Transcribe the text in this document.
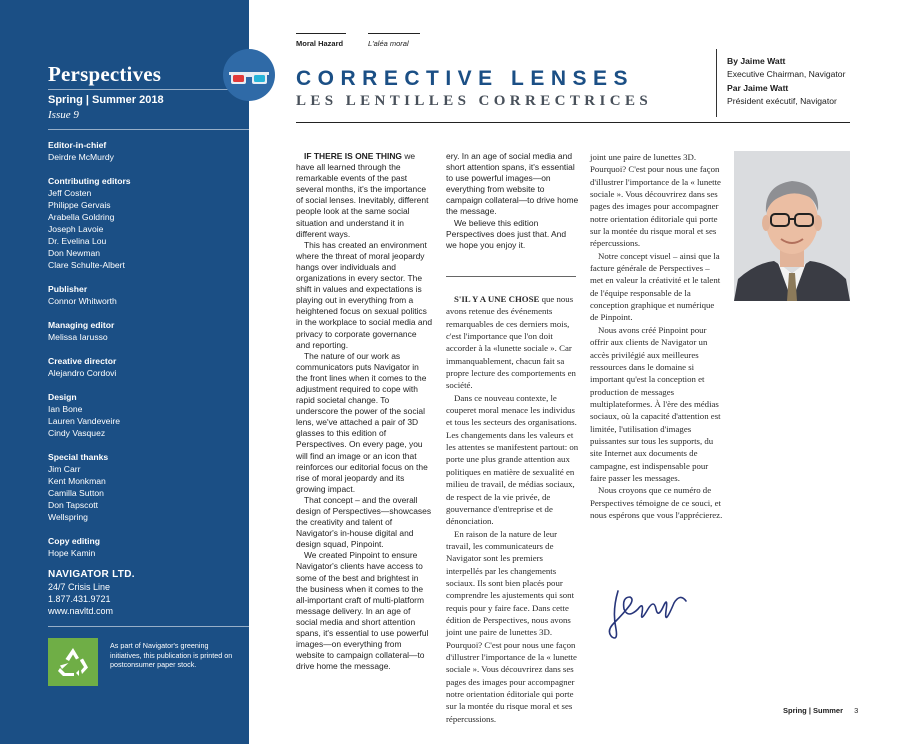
Perspectives
Spring | Summer 2018
Issue 9
Editor-in-chief
Deirdre McMurdy
Contributing editors
Jeff Costen
Philippe Gervais
Arabella Goldring
Joseph Lavoie
Dr. Evelina Lou
Don Newman
Clare Schulte-Albert
Publisher
Connor Whitworth
Managing editor
Melissa Iarusso
Creative director
Alejandro Cordovi
Design
Ian Bone
Lauren Vandeveire
Cindy Vasquez
Special thanks
Jim Carr
Kent Monkman
Camilla Sutton
Don Tapscott
Wellspring
Copy editing
Hope Kamin
NAVIGATOR LTD.
24/7 Crisis Line
1.877.431.9721
www.navltd.com
As part of Navigator's greening initiatives, this publication is printed on postconsumer paper stock.
Moral Hazard	L'aléa moral
CORRECTIVE LENSES
LES LENTILLES CORRECTRICES
By Jaime Watt
Executive Chairman, Navigator
Par Jaime Watt
Président exécutif, Navigator

IF THERE IS ONE THING we have all learned through the remarkable events of the past several months, it's the importance of social lenses. Inevitably, different people look at the same social situation and understand it in different ways.

This has created an environment where the threat of moral jeopardy hangs over individuals and organizations in every sector. The shift in values and expectations is playing out in everything from a heightened focus on sexual politics in the workplace to social media and privacy to corporate governance and reporting.

The nature of our work as communicators puts Navigator in the front lines when it comes to the adjustment required to cope with rapid societal change. To underscore the power of the social lens, we've attached a pair of 3D glasses to this edition of Perspectives. On every page, you will find an image or an icon that reinforces our editorial focus on the rise of moral jeopardy and its growing impact.

That concept – and the overall design of Perspectives—showcases the creativity and talent of Navigator's in-house digital and design squad, Pinpoint.

We created Pinpoint to ensure Navigator's clients have access to some of the best and brightest in the business when it comes to the all-important craft of multi-platform message delivery. In an age of social media and short attention spans, it's essential to use powerful images—on everything from website to campaign collateral—to drive home the message.

ery. In an age of social media and short attention spans, it's essential to use powerful images—on everything from website to campaign collateral—to drive home the message.

We believe this edition Perspectives does just that. And we hope you enjoy it.

S'IL Y A UNE CHOSE que nous avons retenue des événements remarquables de ces derniers mois, c'est l'importance que l'on doit accorder à la «lunette sociale ». Car immanquablement, chacun fait sa propre lecture des comportements en société.

Dans ce nouveau contexte, le couperet moral menace les individus et tous les secteurs des organisations. Les changements dans les valeurs et les attentes se manifestent partout: on porte une plus grande attention aux politiques en matière de sexualité en milieu de travail, de médias sociaux, de respect de la vie privée, de gouvernance d'entreprise et de dénonciation.

En raison de la nature de leur travail, les communicateurs de Navigator sont les premiers interpellés par les changements sociaux. Ils sont bien placés pour comprendre les ajustements qui sont requis pour y faire face. Dans cette édition de Perspectives, nous avons joint une paire de lunettes 3D. Pourquoi? C'est pour nous une façon d'illustrer l'importance de la « lunette sociale ». Vous découvrirez dans ses pages des images pour accompagner notre orientation éditoriale qui porte sur la montée du risque moral et ses répercussions.

joint une paire de lunettes 3D. Pourquoi? C'est pour nous une façon d'illustrer l'importance de la « lunette sociale ». Vous découvrirez dans ses pages des images pour accompagner notre orientation éditoriale qui porte sur la montée du risque moral et ses répercussions.

Notre concept visuel – ainsi que la facture générale de Perspectives – met en valeur la créativité et le talent de l'équipe responsable de la conception graphique et numérique de Pinpoint.

Nous avons créé Pinpoint pour offrir aux clients de Navigator un accès privilégié aux meilleures ressources dans le domaine si important qu'est la conception et production de messages multiplateformes. À l'ère des médias sociaux, où la capacité d'attention est limitée, l'utilisation d'images puissantes sur tous les supports, du site Internet aux documents de campagne, est indispensable pour faire passer les messages.

Nous croyons que ce numéro de Perspectives témoigne de ce souci, et nous espérons que vous l'apprécierez.

Spring | Summer 3
